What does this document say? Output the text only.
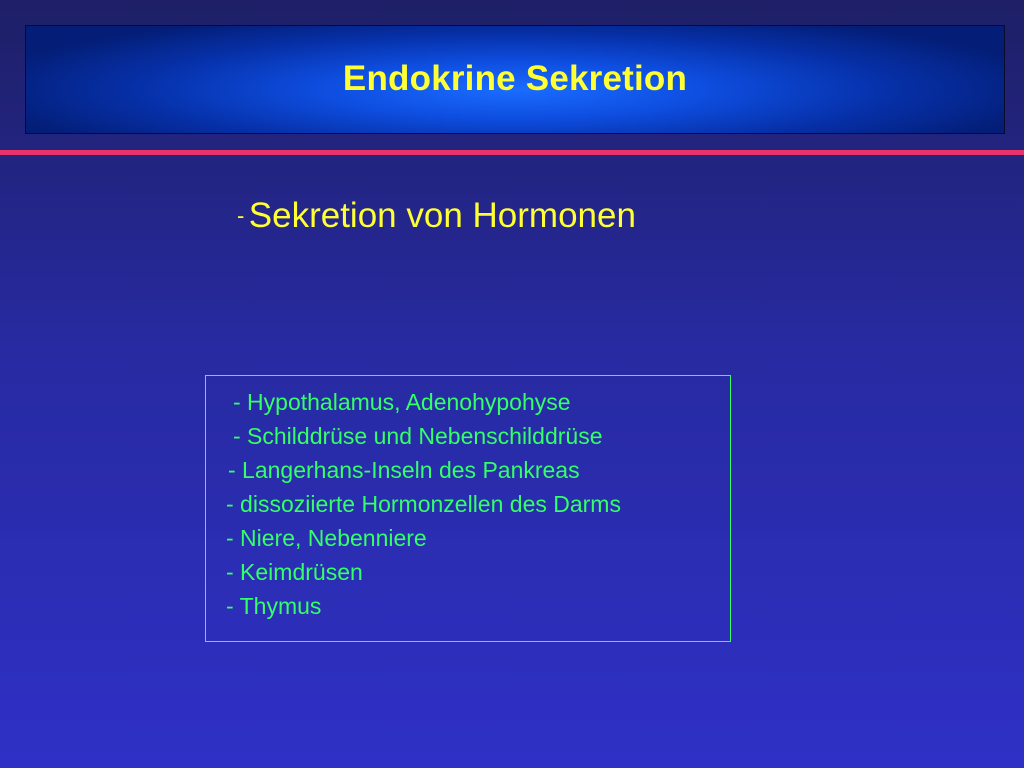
Endokrine Sekretion
- Sekretion von Hormonen
- Hypothalamus, Adenohypohyse
- Schilddrüse und Nebenschilddrüse
- Langerhans-Inseln des Pankreas
- dissoziierte Hormonzellen des Darms
- Niere, Nebenniere
- Keimdrüsen
- Thymus
